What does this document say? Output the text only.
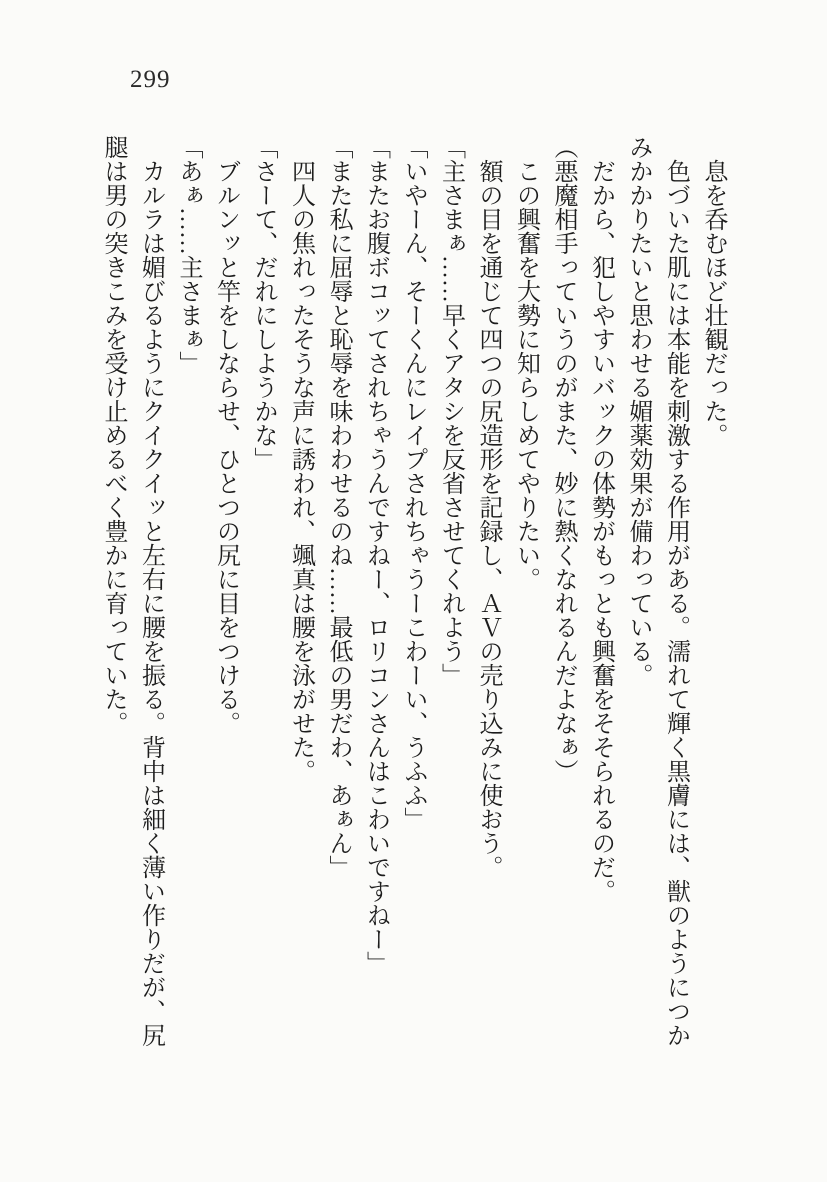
299

息を呑むほど壮観だった。

色づいた肌には本能を刺激する作用がある。濡れて輝く黒膚には、獣のようにつかみかかりたいと思わせる媚薬効果が備わっている。

だから、犯しやすいバックの体勢がもっとも興奮をそそられるのだ。

（悪魔相手っていうのがまた、妙に熱くなれるんだよなぁ）

この興奮を大勢に知らしめてやりたい。

額の目を通じて四つの尻造形を記録し、ＡＶの売り込みに使おう。

「主さまぁ……早くアタシを反省させてくれよう」

「いやーん、そーくんにレイプされちゃうーこわーい、うふふ」

「またお腹ボコッてされちゃうんですねー、ロリコンさんはこわいですねー」

「また私に屈辱と恥辱を味わわせるのね……最低の男だわ、あぁん」

四人の焦れったそうな声に誘われ、颯真は腰を泳がせた。

「さーて、だれにしようかな」

ブルンッと竿をしならせ、ひとつの尻に目をつける。

「あぁ……主さまぁ」

カルラは媚びるようにクイクイッと左右に腰を振る。背中は細く薄い作りだが、尻腿は男の突きこみを受け止めるべく豊かに育っていた。
